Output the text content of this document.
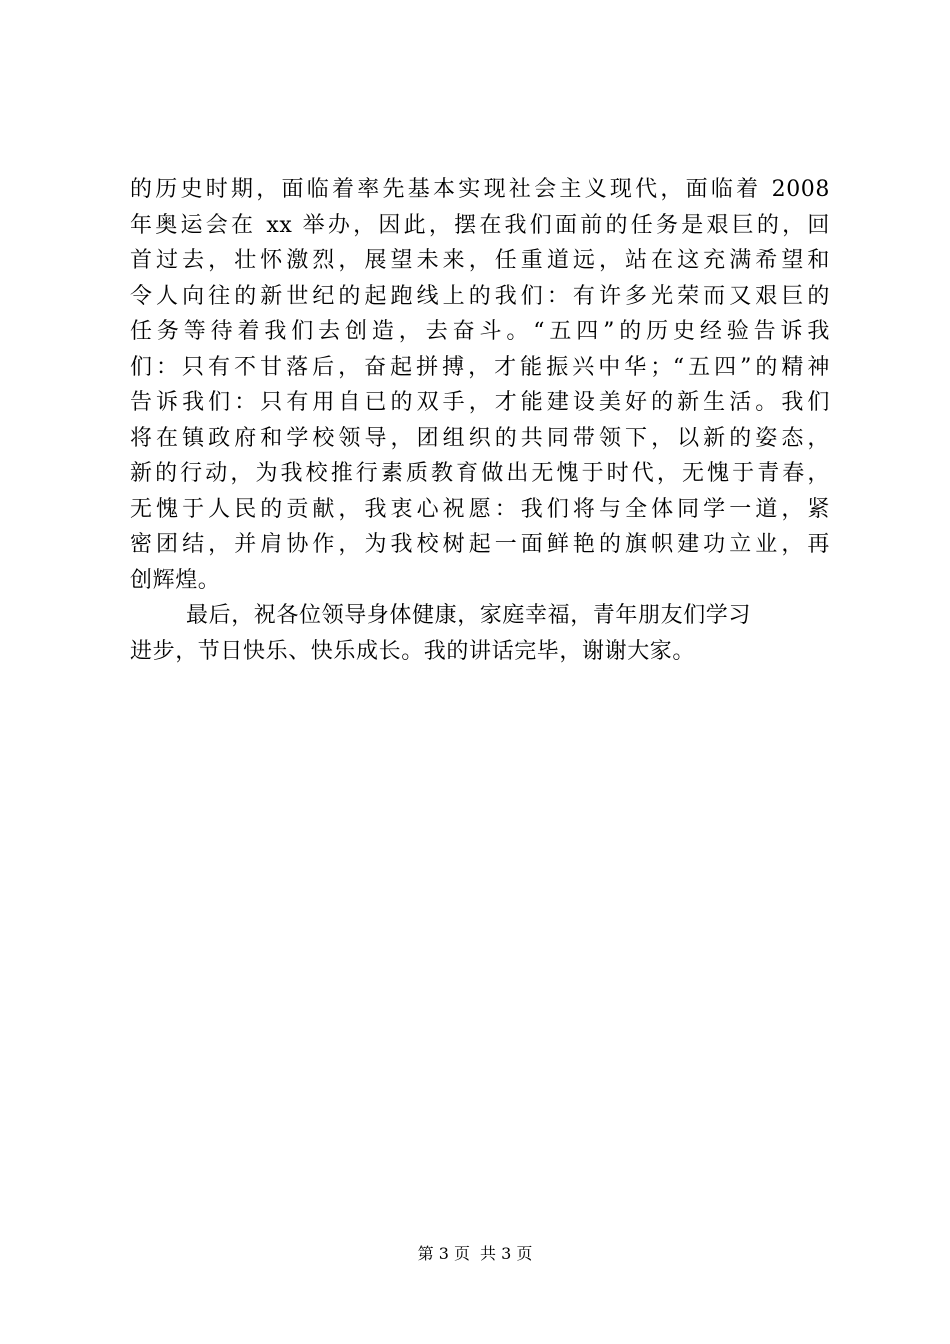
的历史时期，面临着率先基本实现社会主义现代，面临着 2008
年奥运会在 xx 举办，因此，摆在我们面前的任务是艰巨的，回
首过去，壮怀激烈，展望未来，任重道远，站在这充满希望和
令人向往的新世纪的起跑线上的我们：有许多光荣而又艰巨的
任务等待着我们去创造，去奋斗。“五四”的历史经验告诉我
们：只有不甘落后，奋起拼搏，才能振兴中华；“五四”的精神
告诉我们：只有用自已的双手，才能建设美好的新生活。我们
将在镇政府和学校领导，团组织的共同带领下，以新的姿态，
新的行动，为我校推行素质教育做出无愧于时代，无愧于青春，
无愧于人民的贡献，我衷心祝愿：我们将与全体同学一道，紧
密团结，并肩协作，为我校树起一面鲜艳的旗帜建功立业，再
创辉煌。
最后，祝各位领导身体健康，家庭幸福，青年朋友们学习
进步，节日快乐、快乐成长。我的讲话完毕，谢谢大家。
第 3 页 共 3 页
